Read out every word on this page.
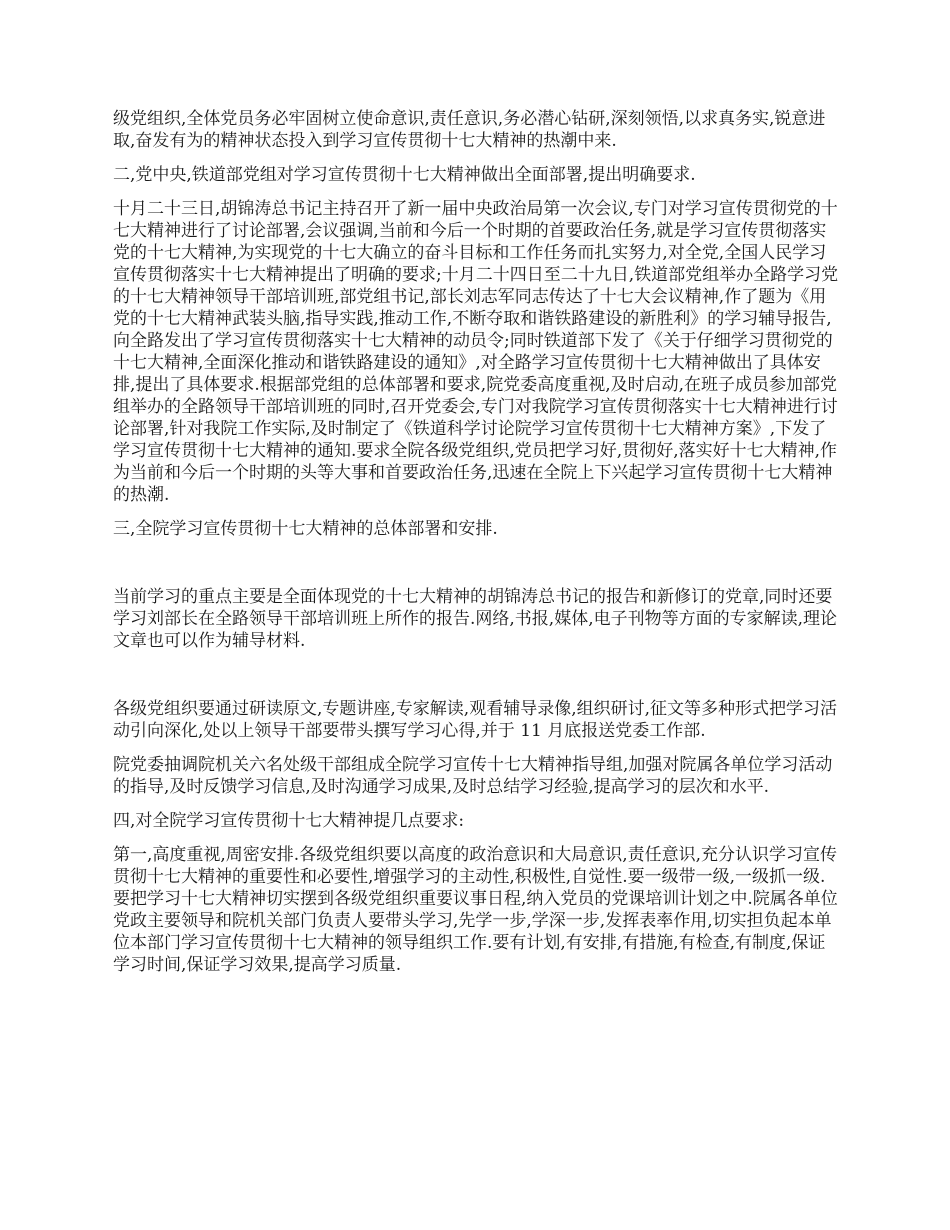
级党组织,全体党员务必牢固树立使命意识,责任意识,务必潜心钻研,深刻领悟,以求真务实,锐意进取,奋发有为的精神状态投入到学习宣传贯彻十七大精神的热潮中来.

二,党中央,铁道部党组对学习宣传贯彻十七大精神做出全面部署,提出明确要求.

十月二十三日,胡锦涛总书记主持召开了新一届中央政治局第一次会议,专门对学习宣传贯彻党的十七大精神进行了讨论部署,会议强调,当前和今后一个时期的首要政治任务,就是学习宣传贯彻落实党的十七大精神,为实现党的十七大确立的奋斗目标和工作任务而扎实努力,对全党,全国人民学习宣传贯彻落实十七大精神提出了明确的要求;十月二十四日至二十九日,铁道部党组举办全路学习党的十七大精神领导干部培训班,部党组书记,部长刘志军同志传达了十七大会议精神,作了题为《用党的十七大精神武装头脑,指导实践,推动工作,不断夺取和谐铁路建设的新胜利》的学习辅导报告,向全路发出了学习宣传贯彻落实十七大精神的动员令;同时铁道部下发了《关于仔细学习贯彻党的十七大精神,全面深化推动和谐铁路建设的通知》,对全路学习宣传贯彻十七大精神做出了具体安排,提出了具体要求.根据部党组的总体部署和要求,院党委高度重视,及时启动,在班子成员参加部党组举办的全路领导干部培训班的同时,召开党委会,专门对我院学习宣传贯彻落实十七大精神进行讨论部署,针对我院工作实际,及时制定了《铁道科学讨论院学习宣传贯彻十七大精神方案》,下发了学习宣传贯彻十七大精神的通知.要求全院各级党组织,党员把学习好,贯彻好,落实好十七大精神,作为当前和今后一个时期的头等大事和首要政治任务,迅速在全院上下兴起学习宣传贯彻十七大精神的热潮.

三,全院学习宣传贯彻十七大精神的总体部署和安排.

当前学习的重点主要是全面体现党的十七大精神的胡锦涛总书记的报告和新修订的党章,同时还要学习刘部长在全路领导干部培训班上所作的报告.网络,书报,媒体,电子刊物等方面的专家解读,理论文章也可以作为辅导材料.

各级党组织要通过研读原文,专题讲座,专家解读,观看辅导录像,组织研讨,征文等多种形式把学习活动引向深化,处以上领导干部要带头撰写学习心得,并于 11 月底报送党委工作部.

院党委抽调院机关六名处级干部组成全院学习宣传十七大精神指导组,加强对院属各单位学习活动的指导,及时反馈学习信息,及时沟通学习成果,及时总结学习经验,提高学习的层次和水平.

四,对全院学习宣传贯彻十七大精神提几点要求:

第一,高度重视,周密安排.各级党组织要以高度的政治意识和大局意识,责任意识,充分认识学习宣传贯彻十七大精神的重要性和必要性,增强学习的主动性,积极性,自觉性.要一级带一级,一级抓一级.要把学习十七大精神切实摆到各级党组织重要议事日程,纳入党员的党课培训计划之中.院属各单位党政主要领导和院机关部门负责人要带头学习,先学一步,学深一步,发挥表率作用,切实担负起本单位本部门学习宣传贯彻十七大精神的领导组织工作.要有计划,有安排,有措施,有检查,有制度,保证学习时间,保证学习效果,提高学习质量.
